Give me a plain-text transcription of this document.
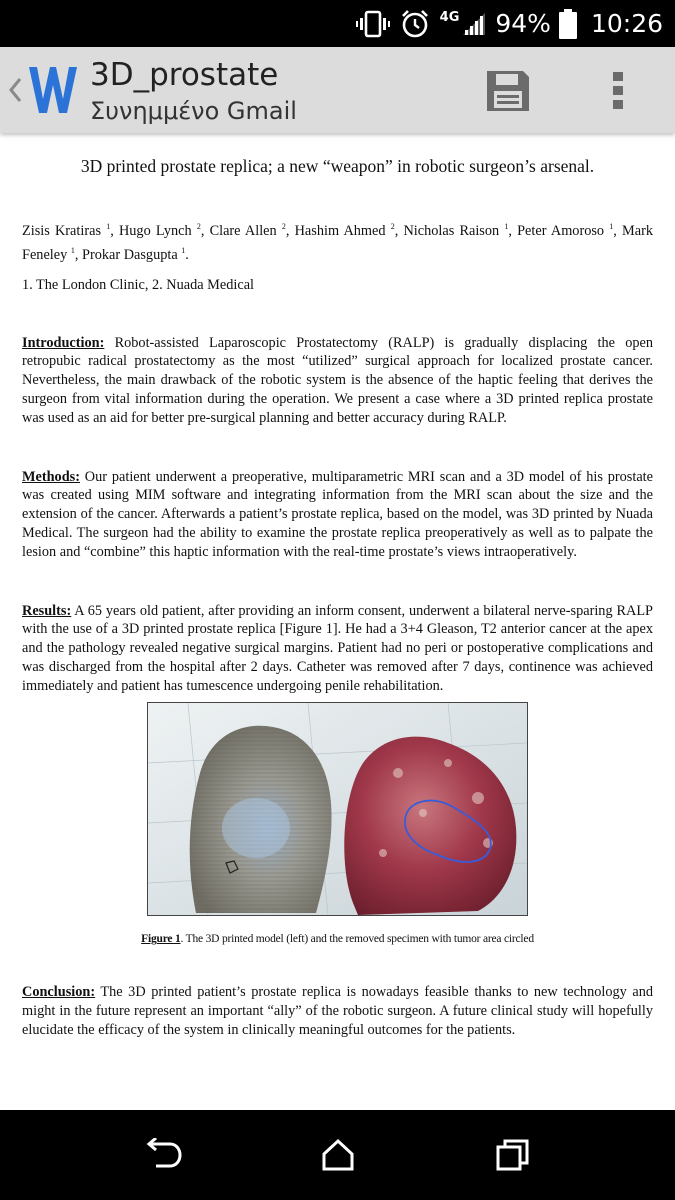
4G 94% 10:26
3D_prostate
Συνημμένο Gmail
3D printed prostate replica; a new “weapon” in robotic surgeon’s arsenal.
Zisis Kratiras $^1$, Hugo Lynch $^2$, Clare Allen $^2$, Hashim Ahmed $^2$, Nicholas Raison $^1$, Peter Amoroso $^1$, Mark Feneley $^1$, Prokar Dasgupta $^1$.
1. The London Clinic, 2. Nuada Medical
Introduction: Robot-assisted Laparoscopic Prostatectomy (RALP) is gradually displacing the open retropubic radical prostatectomy as the most “utilized” surgical approach for localized prostate cancer. Nevertheless, the main drawback of the robotic system is the absence of the haptic feeling that derives the surgeon from vital information during the operation. We present a case where a 3D printed replica prostate was used as an aid for better pre-surgical planning and better accuracy during RALP.
Methods: Our patient underwent a preoperative, multiparametric MRI scan and a 3D model of his prostate was created using MIM software and integrating information from the MRI scan about the size and the extension of the cancer. Afterwards a patient’s prostate replica, based on the model, was 3D printed by Nuada Medical. The surgeon had the ability to examine the prostate replica preoperatively as well as to palpate the lesion and “combine” this haptic information with the real-time prostate’s views intraoperatively.
Results: A 65 years old patient, after providing an inform consent, underwent a bilateral nerve-sparing RALP with the use of a 3D printed prostate replica [Figure 1]. He had a 3+4 Gleason, T2 anterior cancer at the apex and the pathology revealed negative surgical margins. Patient had no peri or postoperative complications and was discharged from the hospital after 2 days. Catheter was removed after 7 days, continence was achieved immediately and patient has tumescence undergoing penile rehabilitation.
Figure 1. The 3D printed model (left) and the removed specimen with tumor area circled
Conclusion: The 3D printed patient’s prostate replica is nowadays feasible thanks to new technology and might in the future represent an important “ally” of the robotic surgeon. A future clinical study will hopefully elucidate the efficacy of the system in clinically meaningful outcomes for the patients.
